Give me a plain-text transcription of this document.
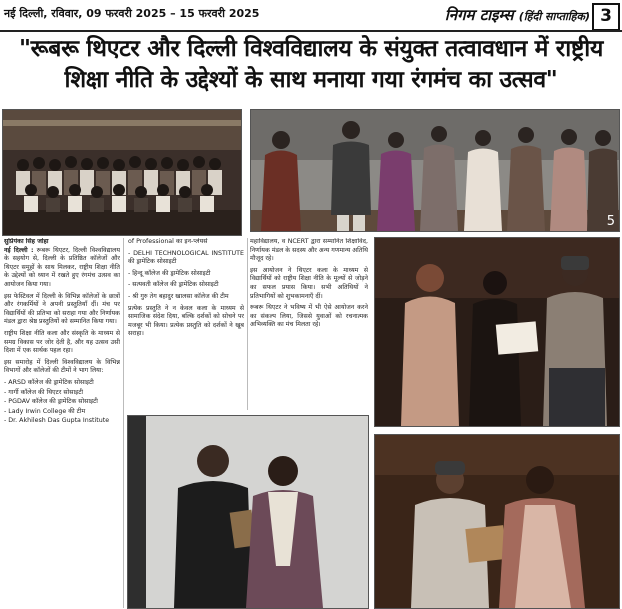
नई दिल्ली, रविवार, 09 फरवरी 2025 – 15 फरवरी 2025	निगम टाइम्स (हिंदी साप्ताहिक) 3
"रूबरू थिएटर और दिल्ली विश्वविद्यालय के संयुक्त तत्वावधान में राष्ट्रीय शिक्षा नीति के उद्देश्यों के साथ मनाया गया रंगमंच का उत्सव"
5

सुप्रियंका सिंह जोहा
नई दिल्ली : रूबरू थिएटर, दिल्ली विश्वविद्यालय के सहयोग से, दिल्ली के प्रतिष्ठित कॉलेजों और थिएटर समूहों के साथ मिलकर, राष्ट्रीय शिक्षा नीति के उद्देश्यों को ध्यान में रखते हुए रंगमंच उत्सव का आयोजन किया गया।

इस फेस्टिवल में दिल्ली के विभिन्न कॉलेजों के छात्रों और रंगकर्मियों ने अपनी प्रस्तुतियाँ दीं। मंच पर विद्यार्थियों की प्रतिभा को सराहा गया और निर्णायक मंडल द्वारा श्रेष्ठ प्रस्तुतियों को सम्मानित किया गया।

राष्ट्रीय शिक्षा नीति कला और संस्कृति के माध्यम से समग्र विकास पर जोर देती है, और यह उत्सव उसी दिशा में एक सार्थक पहल रहा।

इस समारोह में दिल्ली विश्वविद्यालय के विभिन्न विभागों और कॉलेजों की टीमों ने भाग लिया:

- ARSD कॉलेज की ड्रामेटिक सोसाइटी
- गार्गी कॉलेज की थिएटर सोसाइटी
- PGDAV कॉलेज की ड्रामेटिक सोसाइटी
- Lady Irwin College की टीम
- Dr. Akhilesh Das Gupta Institute

of Professional का इन-प्लेयर्स

- DELHI TECHNOLOGICAL INSTITUTE की ड्रामेटिक सोसाइटी

- हिन्दू कॉलेज की ड्रामेटिक सोसाइटी

- सत्यवती कॉलेज की ड्रामेटिक सोसाइटी

- श्री गुरु तेग बहादुर खालसा कॉलेज की टीम

प्रत्येक प्रस्तुति ने न केवल कला के माध्यम से सामाजिक संदेश दिया, बल्कि दर्शकों को सोचने पर मजबूर भी किया। प्रत्येक प्रस्तुति को दर्शकों ने खूब सराहा।

महाविद्यालय, व NCERT द्वारा सम्मानित शिक्षाविद, निर्णायक मंडल के सदस्य और अन्य गणमान्य अतिथि मौजूद रहे।

इस आयोजन ने थिएटर कला के माध्यम से विद्यार्थियों को राष्ट्रीय शिक्षा नीति के मूल्यों से जोड़ने का सफल प्रयास किया। सभी अतिथियों ने प्रतिभागियों को शुभकामनाएँ दीं।

रूबरू थिएटर ने भविष्य में भी ऐसे आयोजन करने का संकल्प लिया, जिससे युवाओं को रचनात्मक अभिव्यक्ति का मंच मिलता रहे।
